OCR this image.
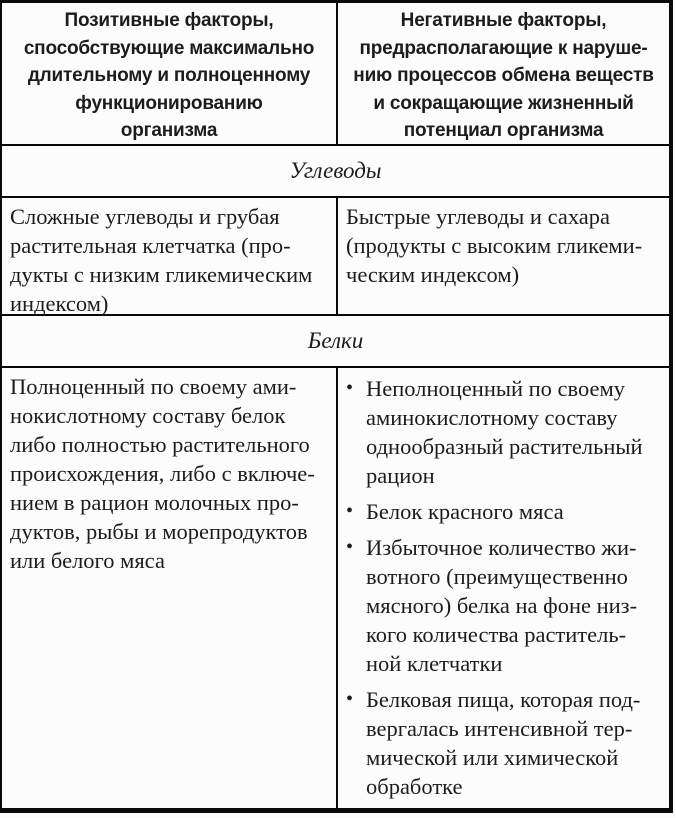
Позитивные факторы,
способствующие максимально
длительному и полноценному
функционированию
организма
Негативные факторы,
предрасполагающие к наруше-
нию процессов обмена веществ
и сокращающие жизненный
потенциал организма
Углеводы
Сложные углеводы и грубая
растительная клетчатка (про-
дукты с низким гликемическим
индексом)
Быстрые углеводы и сахара
(продукты с высоким гликеми-
ческим индексом)
Белки
Полноценный по своему ами-
нокислотному составу белок
либо полностью растительного
происхождения, либо с включе-
нием в рацион молочных про-
дуктов, рыбы и морепродуктов
или белого мяса
• Неполноценный по своему
аминокислотному составу
однообразный растительный
рацион
• Белок красного мяса
• Избыточное количество жи-
вотного (преимущественно
мясного) белка на фоне низ-
кого количества раститель-
ной клетчатки
• Белковая пища, которая под-
вергалась интенсивной тер-
мической или химической
обработке
